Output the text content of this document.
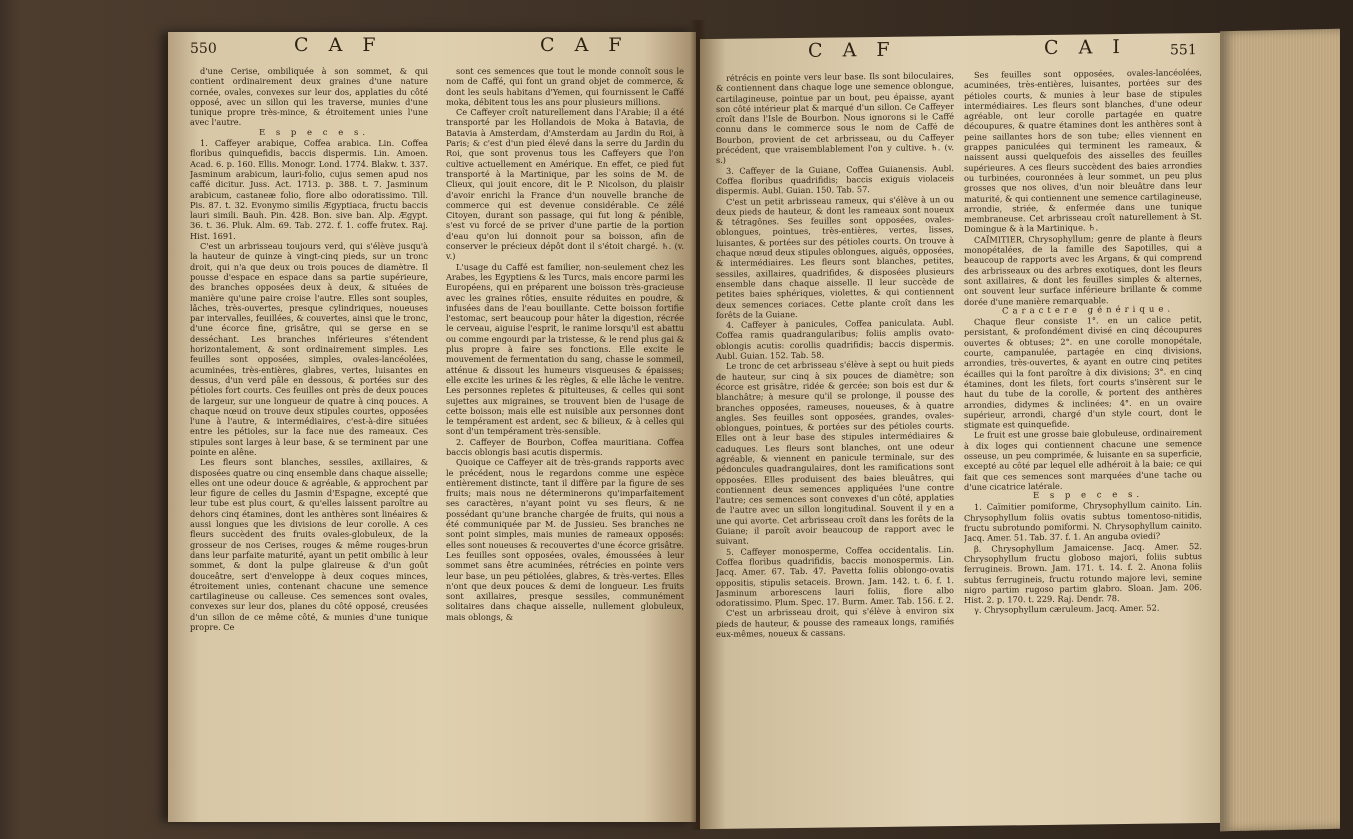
550	C A F	C A F

d'une Cerise, ombiliquée à son sommet, & qui contient ordinairement deux graines d'une nature cornée, ovales, convexes sur leur dos, applaties du côté opposé, avec un sillon qui les traverse, munies d'une tunique propre très-mince, & étroitement unies l'une avec l'autre.

E s p e c e s.

1. Caffeyer arabique, Coffea arabica. Lin. Coffea floribus quinquefidis, baccis dispermis. Lin. Amoen. Acad. 6. p. 160. Ellis. Monogr. Lond. 1774. Blakw. t. 337. Jasminum arabicum, lauri-folio, cujus semen apud nos caffé dicitur. Juss. Act. 1713. p. 388. t. 7. Jasminum arabicum, castaneæ folio, flore albo odoratissimo. Till. Pis. 87. t. 32. Evonymo similis Ægyptiaca, fructu baccis lauri simili. Bauh. Pin. 428. Bon. sive ban. Alp. Ægypt. 36. t. 36. Pluk. Alm. 69. Tab. 272. f. 1. coffe frutex. Raj. Hist. 1691.

C'est un arbrisseau toujours verd, qui s'élève jusqu'à la hauteur de quinze à vingt-cinq pieds, sur un tronc droit, qui n'a que deux ou trois pouces de diamètre. Il pousse d'espace en espace dans sa partie supérieure, des branches opposées deux à deux, & situées de manière qu'une paire croise l'autre. Elles sont souples, lâches, très-ouvertes, presque cylindriques, noueuses par intervalles, feuillées, & couvertes, ainsi que le tronc, d'une écorce fine, grisâtre, qui se gerse en se desséchant. Les branches inférieures s'étendent horizontalement, & sont ordinairement simples. Les feuilles sont opposées, simples, ovales-lancéolées, acuminées, très-entières, glabres, vertes, luisantes en dessus, d'un verd pâle en dessous, & portées sur des pétioles fort courts. Ces feuilles ont près de deux pouces de largeur, sur une longueur de quatre à cinq pouces. A chaque nœud on trouve deux stipules courtes, opposées l'une à l'autre, & intermédiaires, c'est-à-dire situées entre les pétioles, sur la face nue des rameaux. Ces stipules sont larges à leur base, & se terminent par une pointe en alêne.

Les fleurs sont blanches, sessiles, axillaires, & disposées quatre ou cinq ensemble dans chaque aisselle; elles ont une odeur douce & agréable, & approchent par leur figure de celles du Jasmin d'Espagne, excepté que leur tube est plus court, & qu'elles laissent paroître au dehors cinq étamines, dont les anthères sont linéaires & aussi longues que les divisions de leur corolle. A ces fleurs succèdent des fruits ovales-globuleux, de la grosseur de nos Cerises, rouges & même rouges-brun dans leur parfaite maturité, ayant un petit ombilic à leur sommet, & dont la pulpe glaireuse & d'un goût douceâtre, sert d'enveloppe à deux coques minces, étroitement unies, contenant chacune une semence cartilagineuse ou calleuse. Ces semences sont ovales, convexes sur leur dos, planes du côté opposé, creusées d'un sillon de ce même côté, & munies d'une tunique propre. Ce

sont ces semences que tout le monde connoît sous le nom de Caffé, qui font un grand objet de commerce, & dont les seuls habitans d'Yemen, qui fournissent le Caffé moka, débitent tous les ans pour plusieurs millions.

Ce Caffeyer croît naturellement dans l'Arabie; il a été transporté par les Hollandois de Moka à Batavia, de Batavia à Amsterdam, d'Amsterdam au Jardin du Roi, à Paris; & c'est d'un pied élevé dans la serre du Jardin du Roi, que sont provenus tous les Caffeyers que l'on cultive actuellement en Amérique. En effet, ce pied fut transporté à la Martinique, par les soins de M. de Clieux, qui jouit encore, dit le P. Nicolson, du plaisir d'avoir enrichi la France d'un nouvelle branche de commerce qui est devenue considérable. Ce zélé Citoyen, durant son passage, qui fut long & pénible, s'est vu forcé de se priver d'une partie de la portion d'eau qu'on lui donnoit pour sa boisson, afin de conserver le précieux dépôt dont il s'étoit chargé. ♄. (v. v.)

L'usage du Caffé est familier, non-seulement chez les Arabes, les Egyptiens & les Turcs, mais encore parmi les Européens, qui en préparent une boisson très-gracieuse avec les graines rôties, ensuite réduites en poudre, & infusées dans de l'eau bouillante. Cette boisson fortifie l'estomac, sert beaucoup pour hâter la digestion, récrée le cerveau, aiguise l'esprit, le ranime lorsqu'il est abattu ou comme engourdi par la tristesse, & le rend plus gai & plus propre à faire ses fonctions. Elle excite le mouvement de fermentation du sang, chasse le sommeil, atténue & dissout les humeurs visqueuses & épaisses; elle excite les urines & les règles, & elle lâche le ventre. Les personnes repletes & pituiteuses, & celles qui sont sujettes aux migraines, se trouvent bien de l'usage de cette boisson; mais elle est nuisible aux personnes dont le tempérament est ardent, sec & bilieux, & à celles qui sont d'un tempérament très-sensible.

2. Caffeyer de Bourbon, Coffea mauritiana. Coffea baccis oblongis basi acutis dispermis.

Quoique ce Caffeyer ait de très-grands rapports avec le précédent, nous le regardons comme une espèce entièrement distincte, tant il diffère par la figure de ses fruits; mais nous ne déterminerons qu'imparfaitement ses caractères, n'ayant point vu ses fleurs, & ne possédant qu'une branche chargée de fruits, qui nous a été communiquée par M. de Jussieu. Ses branches ne sont point simples, mais munies de rameaux opposés: elles sont noueuses & recouvertes d'une écorce grisâtre. Les feuilles sont opposées, ovales, émoussées à leur sommet sans être acuminées, rétrécies en pointe vers leur base, un peu pétiolées, glabres, & très-vertes. Elles n'ont que deux pouces & demi de longueur. Les fruits sont axillaires, presque sessiles, communément solitaires dans chaque aisselle, nullement globuleux, mais oblongs, &

C A F	C A I	551

rétrécis en pointe vers leur base. Ils sont biloculaires, & contiennent dans chaque loge une semence oblongue, cartilagineuse, pointue par un bout, peu épaisse, ayant son côté intérieur plat & marqué d'un sillon. Ce Caffeyer croît dans l'Isle de Bourbon. Nous ignorons si le Caffé connu dans le commerce sous le nom de Caffé de Bourbon, provient de cet arbrisseau, ou du Caffeyer précédent, que vraisemblablement l'on y cultive. ♄. (v. s.)

3. Caffeyer de la Guiane, Coffea Guianensis. Aubl. Coffea floribus quadrifidis; baccis exiguis violaceis dispermis. Aubl. Guian. 150. Tab. 57.

C'est un petit arbrisseau rameux, qui s'élève à un ou deux pieds de hauteur, & dont les rameaux sont noueux & tétragônes. Ses feuilles sont opposées, ovales-oblongues, pointues, très-entières, vertes, lisses, luisantes, & portées sur des pétioles courts. On trouve à chaque nœud deux stipules oblongues, aiguës, opposées, & intermédiaires. Les fleurs sont blanches, petites, sessiles, axillaires, quadrifides, & disposées plusieurs ensemble dans chaque aisselle. Il leur succède de petites baies sphériques, violettes, & qui contiennent deux semences coriaces. Cette plante croît dans les forêts de la Guiane.

4. Caffeyer à panicules, Coffea paniculata. Aubl. Coffea ramis quadrangularibus; foliis amplis ovato-oblongis acutis: corollis quadrifidis; baccis dispermis. Aubl. Guian. 152. Tab. 58.

Le tronc de cet arbrisseau s'élève à sept ou huit pieds de hauteur, sur cinq à six pouces de diamètre; son écorce est grisâtre, ridée & gercée; son bois est dur & blanchâtre; à mesure qu'il se prolonge, il pousse des branches opposées, rameuses, noueuses, & à quatre angles. Ses feuilles sont opposées, grandes, ovales-oblongues, pointues, & portées sur des pétioles courts. Elles ont à leur base des stipules intermédiaires & caduques. Les fleurs sont blanches, ont une odeur agréable, & viennent en panicule terminale, sur des pédoncules quadrangulaires, dont les ramifications sont opposées. Elles produisent des baies bleuâtres, qui contiennent deux semences appliquées l'une contre l'autre; ces semences sont convexes d'un côté, applaties de l'autre avec un sillon longitudinal. Souvent il y en a une qui avorte. Cet arbrisseau croît dans les forêts de la Guiane; il paroît avoir beaucoup de rapport avec le suivant.

5. Caffeyer monosperme, Coffea occidentalis. Lin. Coffea floribus quadrifidis, baccis monospermis. Lin. Jacq. Amer. 67. Tab. 47. Pavetta foliis oblongo-ovatis oppositis, stipulis setaceis. Brown. Jam. 142. t. 6. f. 1. Jasminum arborescens lauri foliis, flore albo odoratissimo. Plum. Spec. 17. Burm. Amer. Tab. 156. f. 2.

C'est un arbrisseau droit, qui s'élève à environ six pieds de hauteur, & pousse des rameaux longs, ramifiés eux-mêmes, noueux & cassans.

Ses feuilles sont opposées, ovales-lancéolées, acuminées, très-entières, luisantes, portées sur des pétioles courts, & munies à leur base de stipules intermédiaires. Les fleurs sont blanches, d'une odeur agréable, ont leur corolle partagée en quatre découpures, & quatre étamines dont les anthères sont à peine saillantes hors de son tube; elles viennent en grappes paniculées qui terminent les rameaux, & naissent aussi quelquefois des aisselles des feuilles supérieures. A ces fleurs succèdent des baies arrondies ou turbinées, couronnées à leur sommet, un peu plus grosses que nos olives, d'un noir bleuâtre dans leur maturité, & qui contiennent une semence cartilagineuse, arrondie, striée, & enfermée dans une tunique membraneuse. Cet arbrisseau croît naturellement à St. Domingue & à la Martinique. ♄.

CAÏMITIER, Chrysophyllum; genre de plante à fleurs monopétalées, de la famille des Sapotilles, qui a beaucoup de rapports avec les Argans, & qui comprend des arbrisseaux ou des arbres exotiques, dont les fleurs sont axillaires, & dont les feuilles simples & alternes, ont souvent leur surface inférieure brillante & comme dorée d'une manière remarquable.

Caractere générique.

Chaque fleur consiste 1°. en un calice petit, persistant, & profondément divisé en cinq découpures ouvertes & obtuses; 2°. en une corolle monopétale, courte, campanulée, partagée en cinq divisions, arrondies, très-ouvertes, & ayant en outre cinq petites écailles qui la font paroître à dix divisions; 3°. en cinq étamines, dont les filets, fort courts s'insèrent sur le haut du tube de la corolle, & portent des anthères arrondies, didymes & inclinées; 4°. en un ovaire supérieur, arrondi, chargé d'un style court, dont le stigmate est quinquefide.

Le fruit est une grosse baie globuleuse, ordinairement à dix loges qui contiennent chacune une semence osseuse, un peu comprimée, & luisante en sa superficie, excepté au côté par lequel elle adhéroit à la baie; ce qui fait que ces semences sont marquées d'une tache ou d'une cicatrice latérale.

E s p e c e s.

1. Caïmitier pomiforme, Chrysophyllum cainito. Lin. Chrysophyllum foliis ovatis subtus tomentoso-nitidis, fructu subrotundo pomiformi. N. Chrysophyllum cainito. Jacq. Amer. 51. Tab. 37. f. 1. An anguba oviedi?

β. Chrysophyllum Jamaicense. Jacq. Amer. 52. Chrysophyllum fructu globoso majori, foliis subtus ferrugineis. Brown. Jam. 171. t. 14. f. 2. Anona foliis subtus ferrugineis, fructu rotundo majore levi, semine nigro partim rugoso partim glabro. Sloan. Jam. 206. Hist. 2. p. 170. t. 229. Raj. Dendr. 78.

γ. Chrysophyllum cæruleum. Jacq. Amer. 52.
